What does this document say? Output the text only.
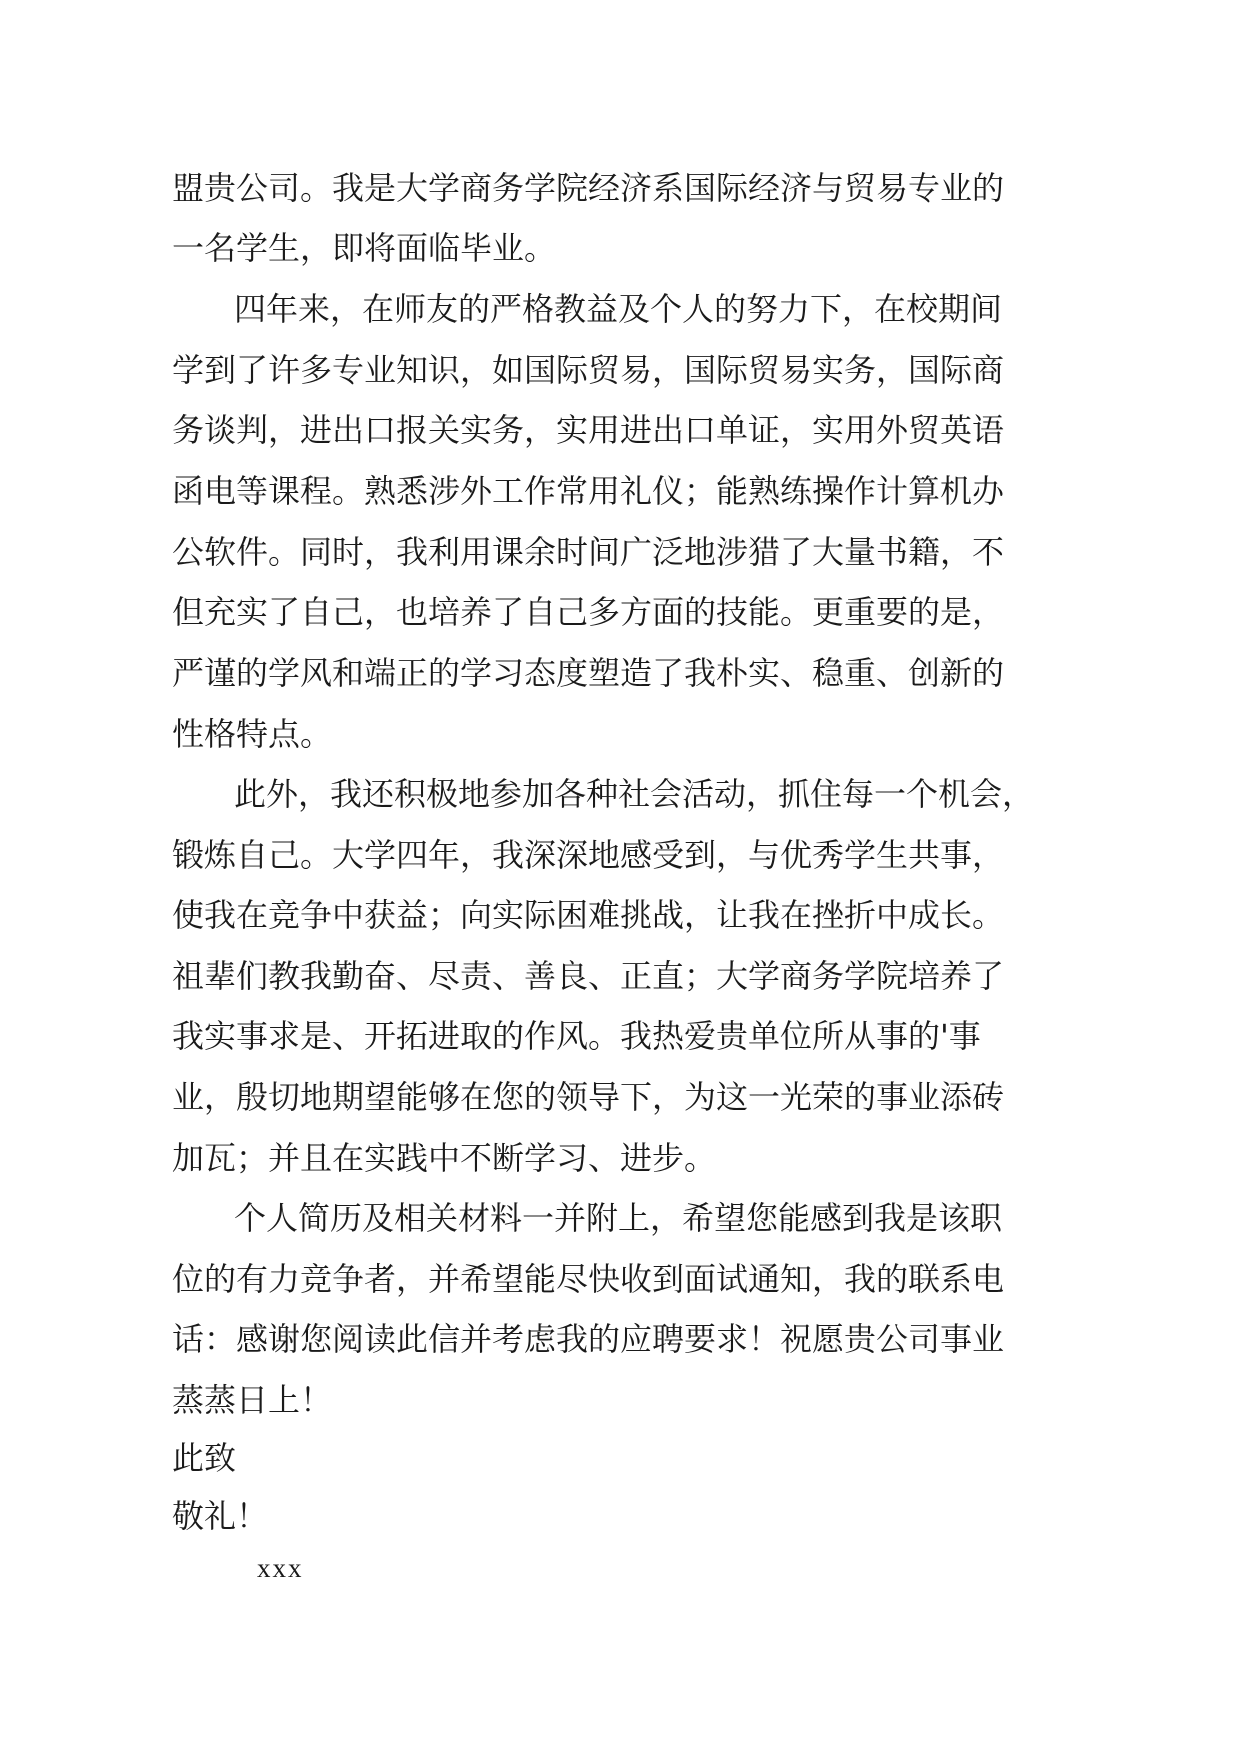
盟贵公司。我是大学商务学院经济系国际经济与贸易专业的
一名学生，即将面临毕业。
四年来，在师友的严格教益及个人的努力下，在校期间
学到了许多专业知识，如国际贸易，国际贸易实务，国际商
务谈判，进出口报关实务，实用进出口单证，实用外贸英语
函电等课程。熟悉涉外工作常用礼仪；能熟练操作计算机办
公软件。同时，我利用课余时间广泛地涉猎了大量书籍，不
但充实了自己，也培养了自己多方面的技能。更重要的是，
严谨的学风和端正的学习态度塑造了我朴实、稳重、创新的
性格特点。
此外，我还积极地参加各种社会活动，抓住每一个机会，
锻炼自己。大学四年，我深深地感受到，与优秀学生共事，
使我在竞争中获益；向实际困难挑战，让我在挫折中成长。
祖辈们教我勤奋、尽责、善良、正直；大学商务学院培养了
我实事求是、开拓进取的作风。我热爱贵单位所从事的'事
业，殷切地期望能够在您的领导下，为这一光荣的事业添砖
加瓦；并且在实践中不断学习、进步。
个人简历及相关材料一并附上，希望您能感到我是该职
位的有力竞争者，并希望能尽快收到面试通知，我的联系电
话：感谢您阅读此信并考虑我的应聘要求！祝愿贵公司事业
蒸蒸日上！
此致
敬礼！
xxx
